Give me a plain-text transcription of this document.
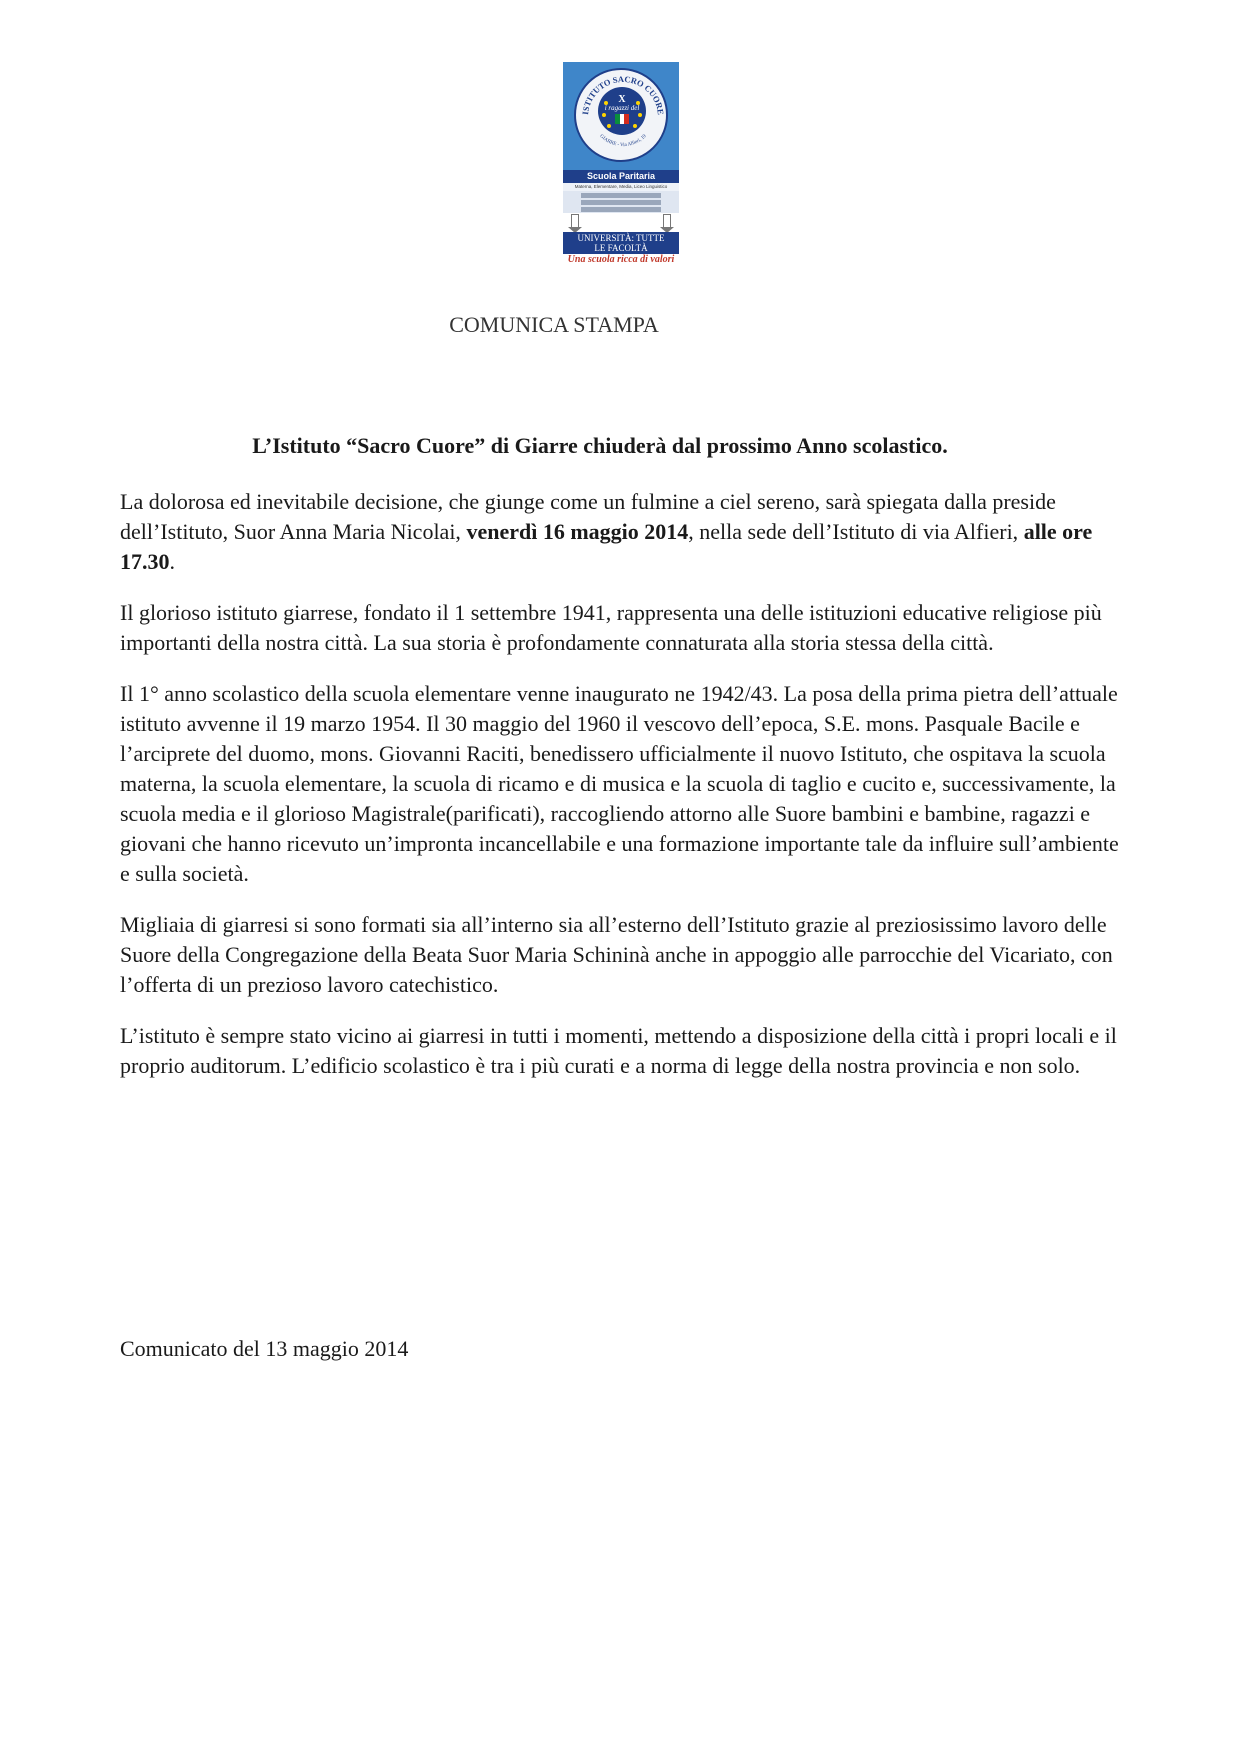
ISTITUTO SACRO CUORE
GIARRE - Via Alfieri, 19
X
i ragazzi del
Scuola Paritaria
Materna, Elementare, Media, Liceo Linguistico
UNIVERSITÀ: TUTTE
LE FACOLTÀ
Una scuola ricca di valori
COMUNICA STAMPA
L’Istituto “Sacro Cuore” di Giarre chiuderà dal prossimo Anno scolastico.

La dolorosa ed inevitabile decisione, che giunge come un fulmine a ciel sereno, sarà spiegata dalla preside dell’Istituto, Suor Anna Maria Nicolai, venerdì 16 maggio 2014, nella sede dell’Istituto di via Alfieri, alle ore 17.30.

Il glorioso istituto giarrese, fondato il 1 settembre 1941, rappresenta una delle istituzioni educative religiose più importanti della nostra città. La sua storia è profondamente connaturata alla storia stessa della città.

Il 1° anno scolastico della scuola elementare venne inaugurato ne 1942/43. La posa della prima pietra dell’attuale istituto avvenne il 19 marzo 1954. Il 30 maggio del 1960 il vescovo dell’epoca, S.E. mons. Pasquale Bacile e l’arciprete del duomo, mons. Giovanni Raciti, benedissero ufficialmente il nuovo Istituto, che ospitava la scuola materna, la scuola elementare, la scuola di ricamo e di musica e la scuola di taglio e cucito e, successivamente, la scuola media e il glorioso Magistrale(parificati), raccogliendo attorno alle Suore bambini e bambine, ragazzi e giovani che hanno ricevuto un’impronta incancellabile e una formazione importante tale da influire sull’ambiente e sulla società.

Migliaia di giarresi si sono formati sia all’interno sia all’esterno dell’Istituto grazie al preziosissimo lavoro delle Suore della Congregazione della Beata Suor Maria Schininà anche in appoggio alle parrocchie del Vicariato, con l’offerta di un prezioso lavoro catechistico.

L’istituto è sempre stato vicino ai giarresi in tutti i momenti, mettendo a disposizione della città i propri locali e il proprio auditorum. L’edificio scolastico è tra i più curati e a norma di legge della nostra provincia e non solo.

Comunicato del 13 maggio 2014
